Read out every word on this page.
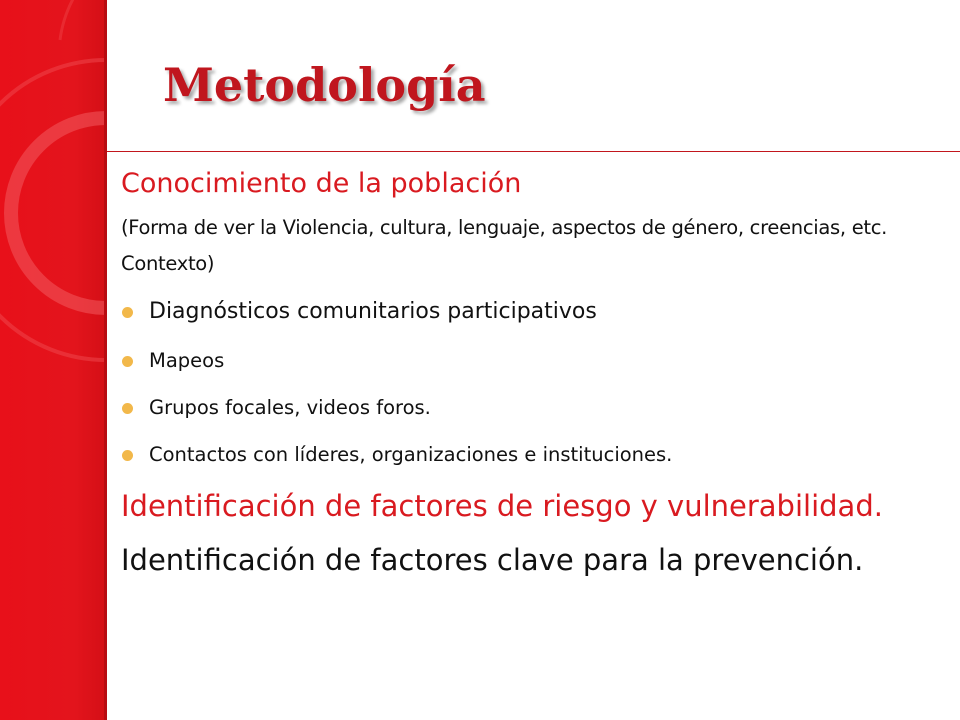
Metodología

Conocimiento de la población

(Forma de ver la Violencia, cultura, lenguaje, aspectos de género, creencias, etc. Contexto)

Diagnósticos comunitarios participativos
Mapeos
Grupos focales, videos foros.
Contactos con líderes, organizaciones e instituciones.

Identificación de factores de riesgo y vulnerabilidad.

Identificación de factores clave para la prevención.
